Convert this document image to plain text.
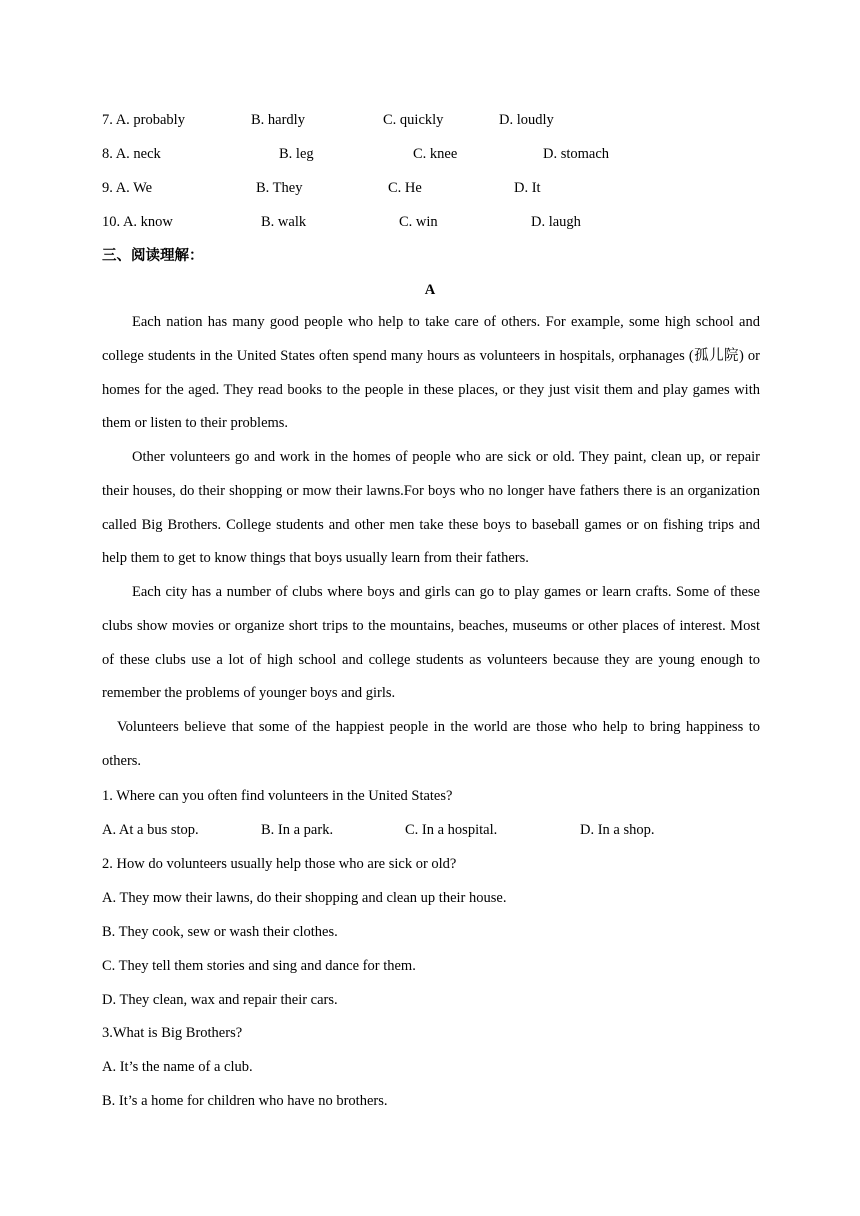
7. A. probably	B. hardly	C. quickly	D. loudly
8. A. neck	B. leg	C. knee	D. stomach
9. A. We	B. They	C. He	D. It
10. A. know	B. walk	C. win	D. laugh
三、阅读理解：
A
Each nation has many good people who help to take care of others. For example, some high school and college students in the United States often spend many hours as volunteers in hospitals, orphanages (孤儿院) or homes for the aged. They read books to the people in these places, or they just visit them and play games with them or listen to their problems.
Other volunteers go and work in the homes of people who are sick or old. They paint, clean up, or repair their houses, do their shopping or mow their lawns.For boys who no longer have fathers there is an organization called Big Brothers. College students and other men take these boys to baseball games or on fishing trips and help them to get to know things that boys usually learn from their fathers.
Each city has a number of clubs where boys and girls can go to play games or learn crafts. Some of these clubs show movies or organize short trips to the mountains, beaches, museums or other places of interest. Most of these clubs use a lot of high school and college students as volunteers because they are young enough to remember the problems of younger boys and girls.
Volunteers believe that some of the happiest people in the world are those who help to bring happiness to others.
1. Where can you often find volunteers in the United States?
A. At a bus stop.	B. In a park.	C. In a hospital.	D. In a shop.
2. How do volunteers usually help those who are sick or old?
A. They mow their lawns, do their shopping and clean up their house.
B. They cook, sew or wash their clothes.
C. They tell them stories and sing and dance for them.
D. They clean, wax and repair their cars.
3.What is Big Brothers?
A. It’s the name of a club.
B. It’s a home for children who have no brothers.
